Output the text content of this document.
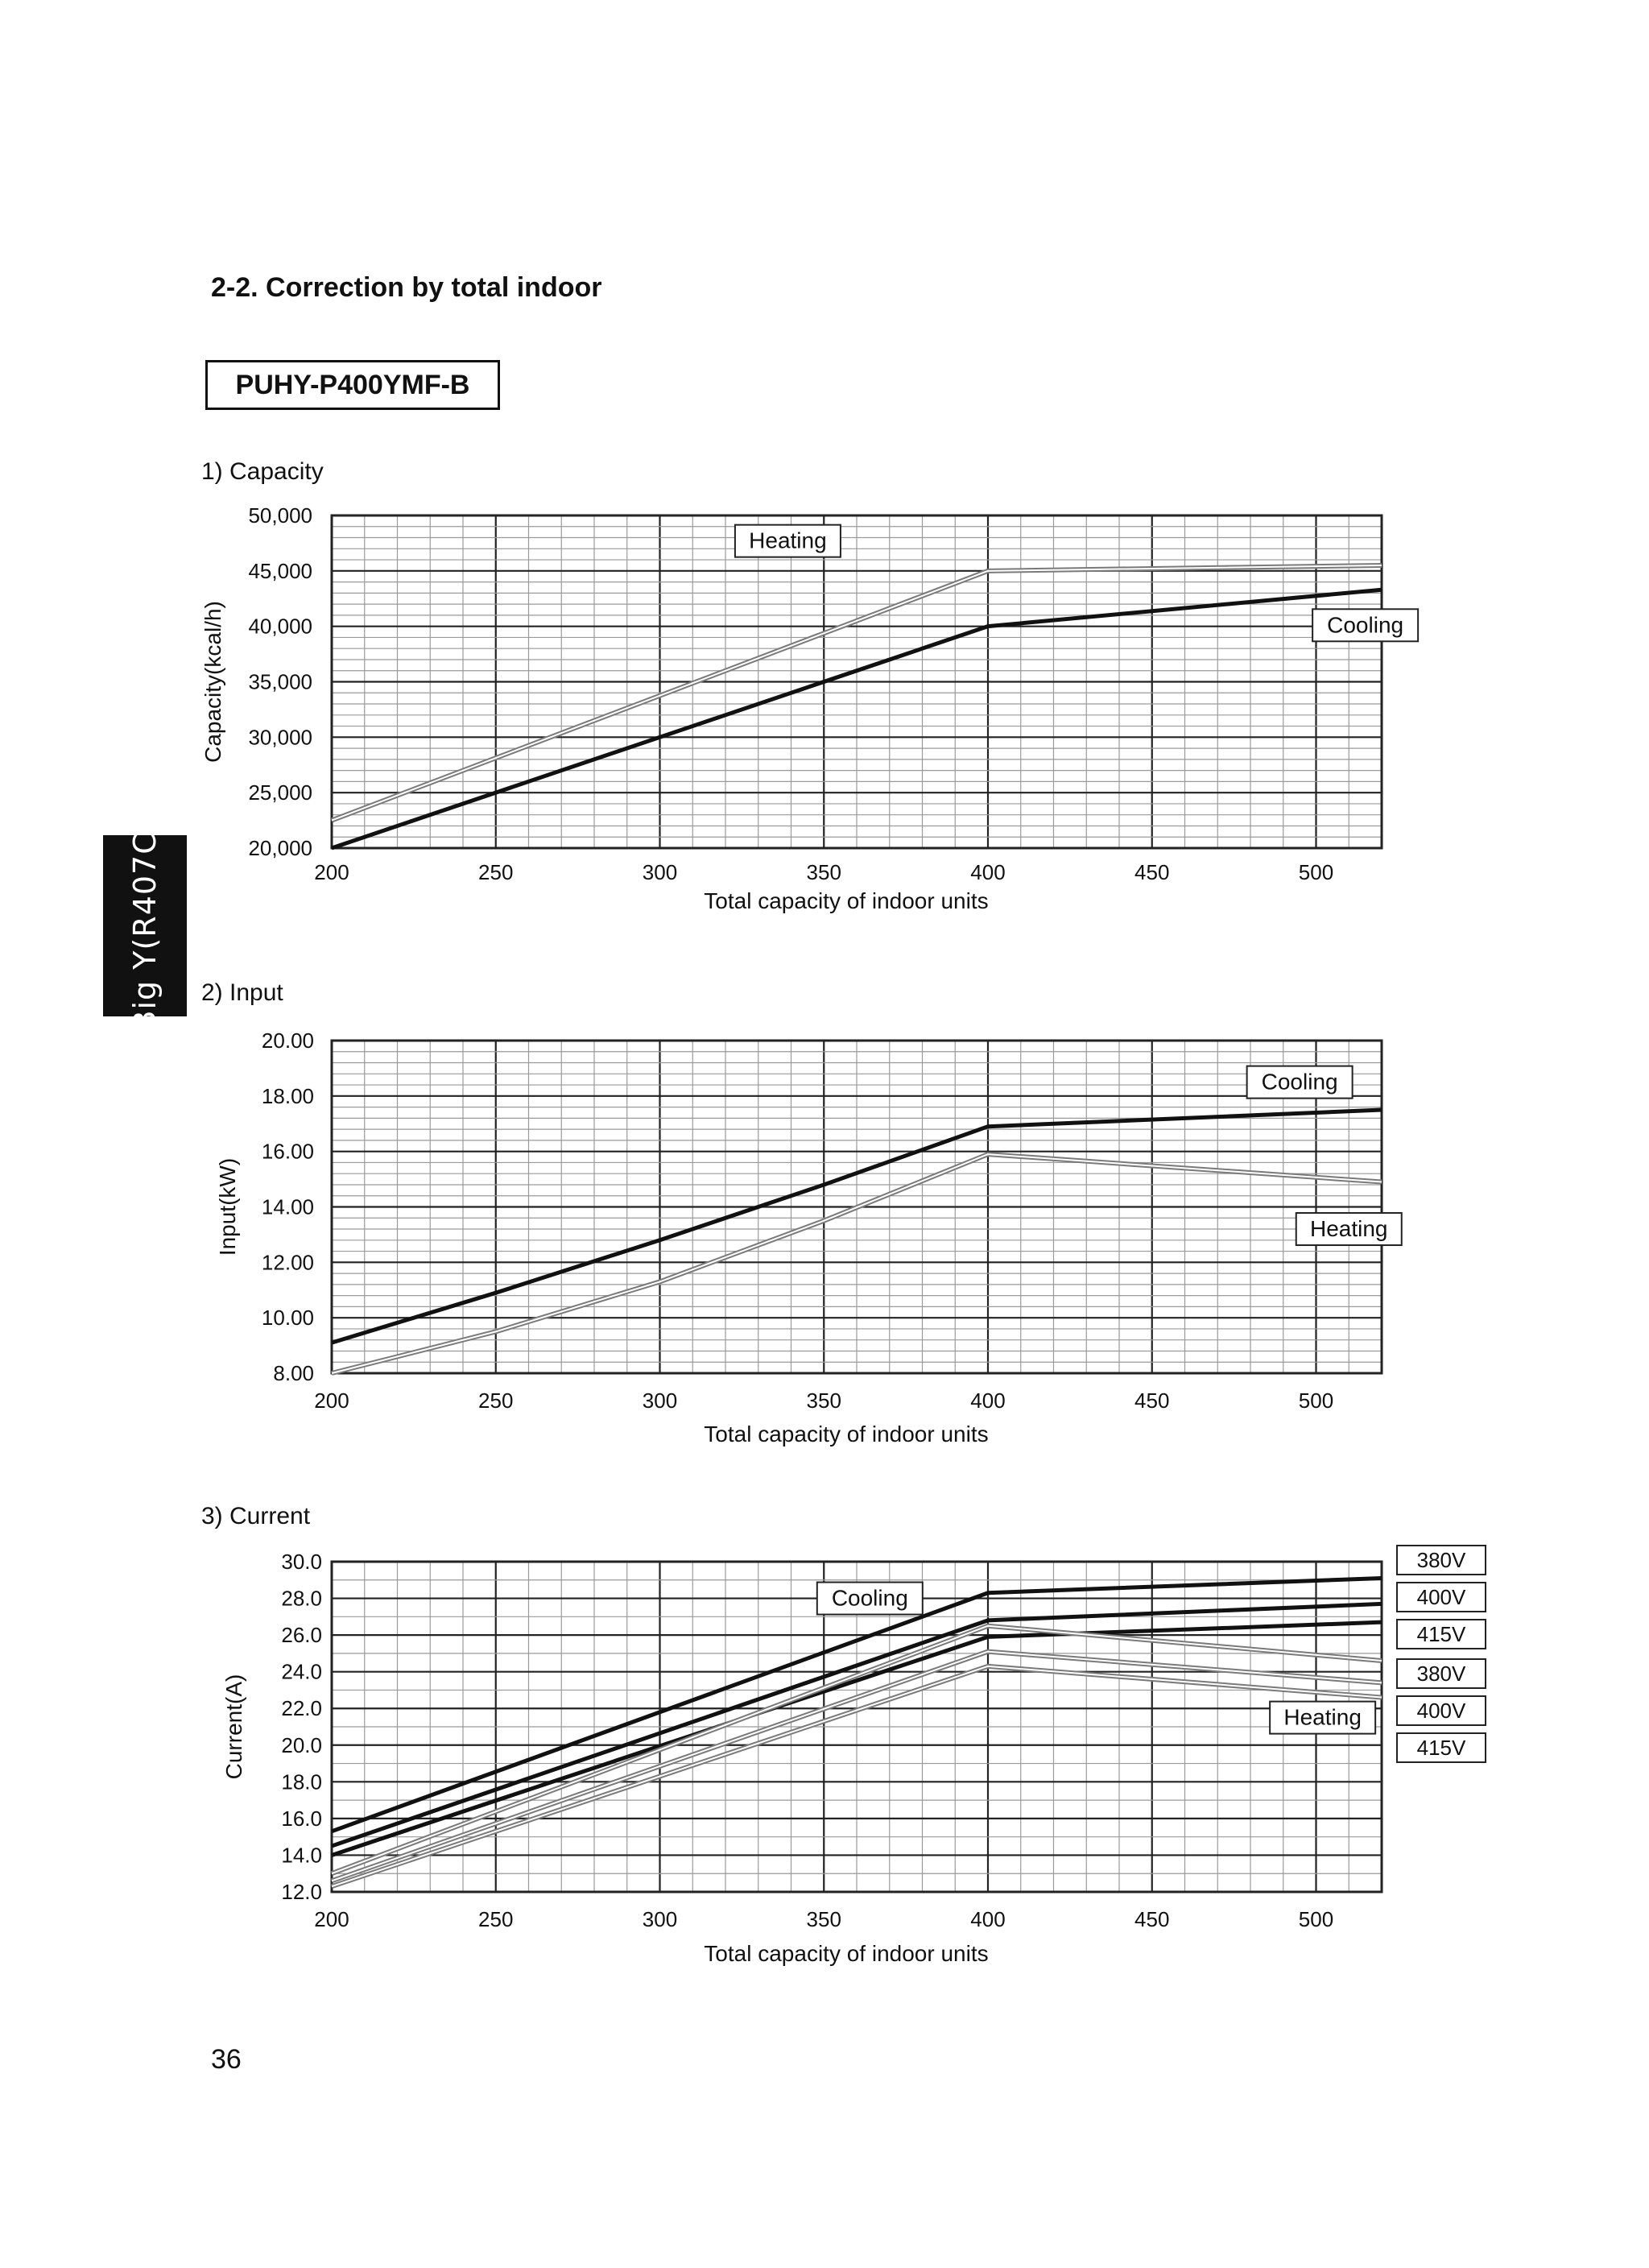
2-2. Correction by total indoor
PUHY-P400YMF-B
Big Y(R407C)
1) Capacity
2) Input
3) Current
20,000
25,000
30,000
35,000
40,000
45,000
50,000
200	250	300	350	400	450	500
Total capacity of indoor units
Capacity(kcal/h)
Heating
Cooling
8.00
10.00
12.00
14.00
16.00
18.00
20.00
200	250	300	350	400	450	500
Total capacity of indoor units
Input(kW)
Cooling
Heating
12.0
14.0
16.0
18.0
20.0
22.0
24.0
26.0
28.0
30.0
200	250	300	350	400	450	500
Total capacity of indoor units
Current(A)
Cooling
Heating
380V
400V
415V
380V
400V
415V
36
